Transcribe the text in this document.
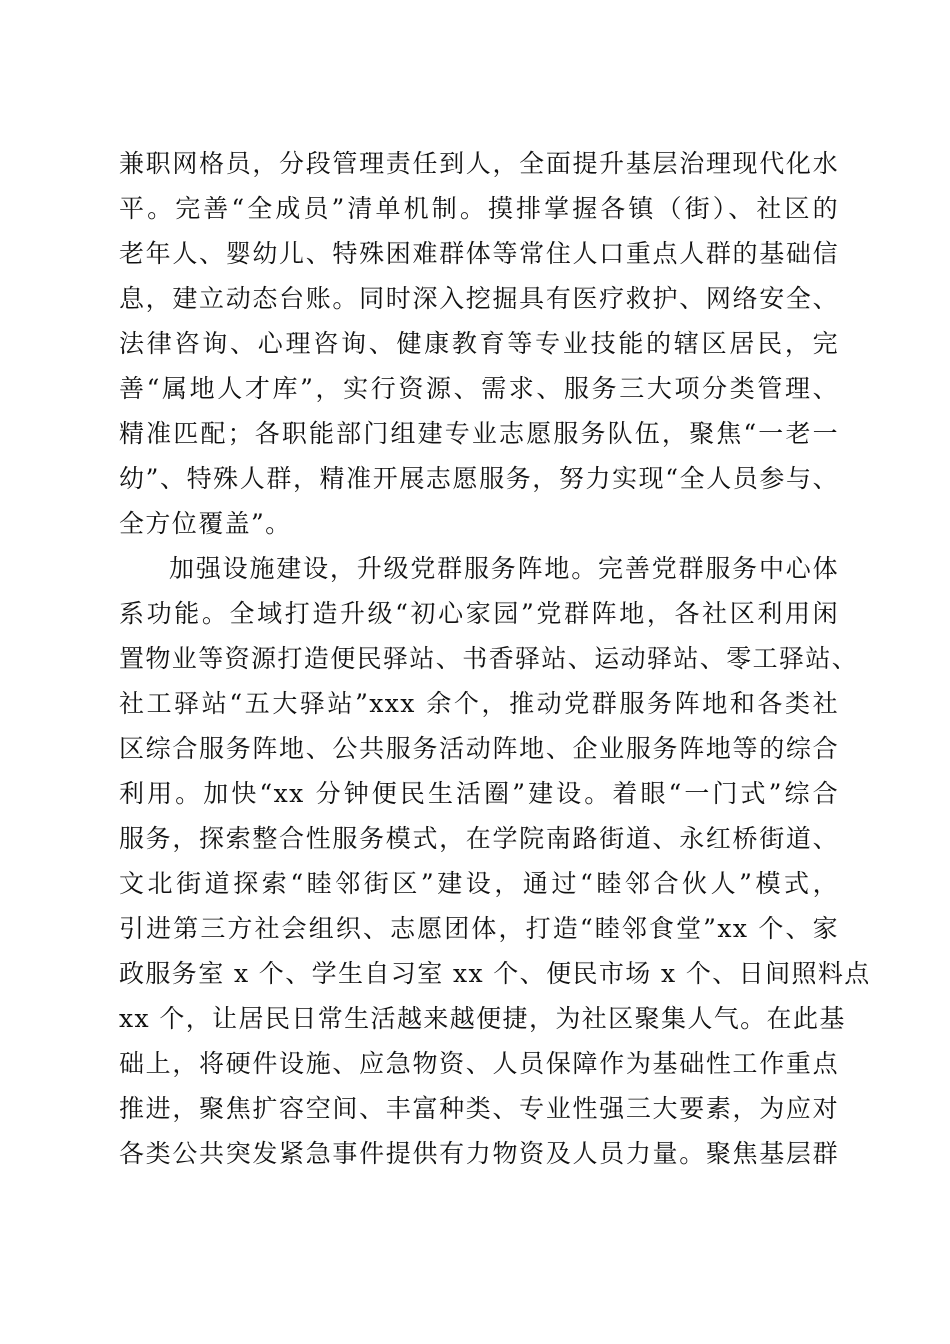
兼职网格员，分段管理责任到人，全面提升基层治理现代化水
平。完善“全成员”清单机制。摸排掌握各镇（街）、社区的
老年人、婴幼儿、特殊困难群体等常住人口重点人群的基础信
息，建立动态台账。同时深入挖掘具有医疗救护、网络安全、
法律咨询、心理咨询、健康教育等专业技能的辖区居民，完
善“属地人才库”，实行资源、需求、服务三大项分类管理、
精准匹配；各职能部门组建专业志愿服务队伍，聚焦“一老一
幼”、特殊人群，精准开展志愿服务，努力实现“全人员参与、
全方位覆盖”。
加强设施建设，升级党群服务阵地。完善党群服务中心体
系功能。全域打造升级“初心家园”党群阵地，各社区利用闲
置物业等资源打造便民驿站、书香驿站、运动驿站、零工驿站、
社工驿站“五大驿站”xxx 余个，推动党群服务阵地和各类社
区综合服务阵地、公共服务活动阵地、企业服务阵地等的综合
利用。加快“xx 分钟便民生活圈”建设。着眼“一门式”综合
服务，探索整合性服务模式，在学院南路街道、永红桥街道、
文北街道探索“睦邻街区”建设，通过“睦邻合伙人”模式，
引进第三方社会组织、志愿团体，打造“睦邻食堂”xx 个、家
政服务室 x 个、学生自习室 xx 个、便民市场 x 个、日间照料点
xx 个，让居民日常生活越来越便捷，为社区聚集人气。在此基
础上，将硬件设施、应急物资、人员保障作为基础性工作重点
推进，聚焦扩容空间、丰富种类、专业性强三大要素，为应对
各类公共突发紧急事件提供有力物资及人员力量。聚焦基层群
